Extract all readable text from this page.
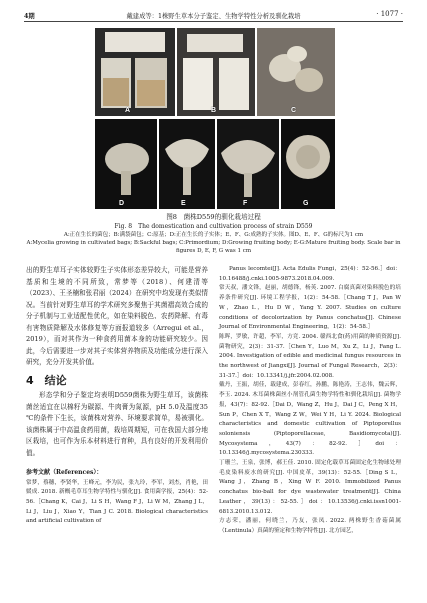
4期	戴建成等：1株野生草本分子鉴定、生物学特性分析及驯化栽培	· 1077 ·
A	B	C
D	E	F	G
图8　菌株D559的驯化栽培过程
Fig. 8　The domestication and cultivation process of strain D559
A:正在生长的菌包；B:满袋菌包；C:原基；D:正在生长的子实体；E、F、G:成熟的子实体。图D、E、F、G的标尺为1 cm
A:Mycelia growing in cultivated bags; B:Sackful bags; C:Primordium; D:Growing fruiting body; E-G:Mature fruiting body. Scale bar in figures D, E, F, G was 1 cm

出的野生草耳子实体较野生子实体形态差异较大，可能是营养基质和生境的不同所致，常梦等（2018）、何建清等（2023）、王圣楠和张君丽（2024）在研究中均发现有类似情况。当前针对野生草耳的学术研究多聚焦于其菌褶高效合成的分子机制与工业适配性优化，如在染料脱色、农药降解、有毒有害物质降解及水体修复等方面报道较多（Arregui et al.，2019），而对其作为一种食药用菌本身的功能研究较少。因此，今后需要进一步对其子实体营养物质及功能成分进行深入研究，充分开发其价值。

4　结论

形态学和分子鉴定均表明D559菌株为野生草耳，该菌株菌丝适宜在以棉籽为碳源、牛肉膏为氮源，pH 5.0及温度35 ℃的条件下生长，该菌株对营养、环境要求简单，易被驯化。该菌株属于中高温食药用菌，栽培周期短，可在我国大部分地区栽培，也可作为乐本材料进行育种，具有良好的开发利用价值。

参考文献（References）：
常梦，蔡穗，李贤华，王峰元，李为民，张九玲，李军，刘杰，肖艳，田媛成. 2018. 新概毛草耳生物学特性与驯化[J]. 食用菌学报，25(4)：52-56.［Chang K，Cai J，Li S H，Wang F J，Li W M，Zhang J L，Li J，Liu J，Xiao Y，Tian J C. 2018. Biological characteristics and artificial cultivation of
Panus lecomtei[J]. Acta Edulis Fungi，25(4)：52-56.］doi：10.16488/j.cnki.1005-9873.2018.04.009.
常天叔，潘文锋，赵丽，胡德锋，杨英. 2007. 白腐真菌对染料脱色的培养条件研究[J]. 环境工程学报，1(2)：54-58.［Chang T J，Pan W W，Zhao L，Hu D W，Yang Y. 2007. Studies on culture conditions of decolorization by Panus conchatus[J]. Chinese Journal of Environmental Engineering，1(2)：54-58.］
陈晖，罗敏，许超，李军，方竞. 2004. 赣西北食(药)用菌的种质资源[J]. 菌物研究，2(3)：31-37.［Chen Y，Luo M，Xu Z，Li J，Fang L. 2004. Investigation of edible and medicinal fungus resources in the northwest of Jiangxi[J]. Journal of Fungal Research，2(3)：31-37.］doi：10.13341/j.jfr.2004.02.008.
戴丹，王振，胡佳，载建成，彭春红，孙鹏，陈艳涛，王志伟，魏云辉，李玉. 2024. 木耳菌株菌丝小剂管孔菌生物学特性和驯化栽培[J]. 菌物学报，43(7)：82-92.［Dai D，Wang Z，Hu J，Dai J C，Peng X H，Sun P，Chen X T，Wang Z W，Wei Y H，Li Y. 2024. Biological characteristics and domestic cultivation of Piptoporellus soloniensis (Piptoporellaceae, Basidiomycota)[J]. Mycosystema，43(7)：82-92.］doi：10.13346/j.mycosystema.230333.
丁珊兰，王泉，张博，郝王佳. 2010. 固定化载草耳菌固定化生物球处理毛皮染料废水的研究[J]. 中国皮革，39(13)：52-55.［Ding S L，Wang J，Zhang B，Xing W F. 2010. Immobilized Panus conchatus bio-ball for dye wastewater treatment[J]. China Leather，39(13)：52-55.］doi：10.13536/j.cnki.issn1001-6813.2010.13.012.
方志荣，潘丽，何晓兰，乃友，张凤. 2022. 两株野生香菇菌属（Lentinula）真菌的鉴定和生物学特性[J]. 北方园艺，
